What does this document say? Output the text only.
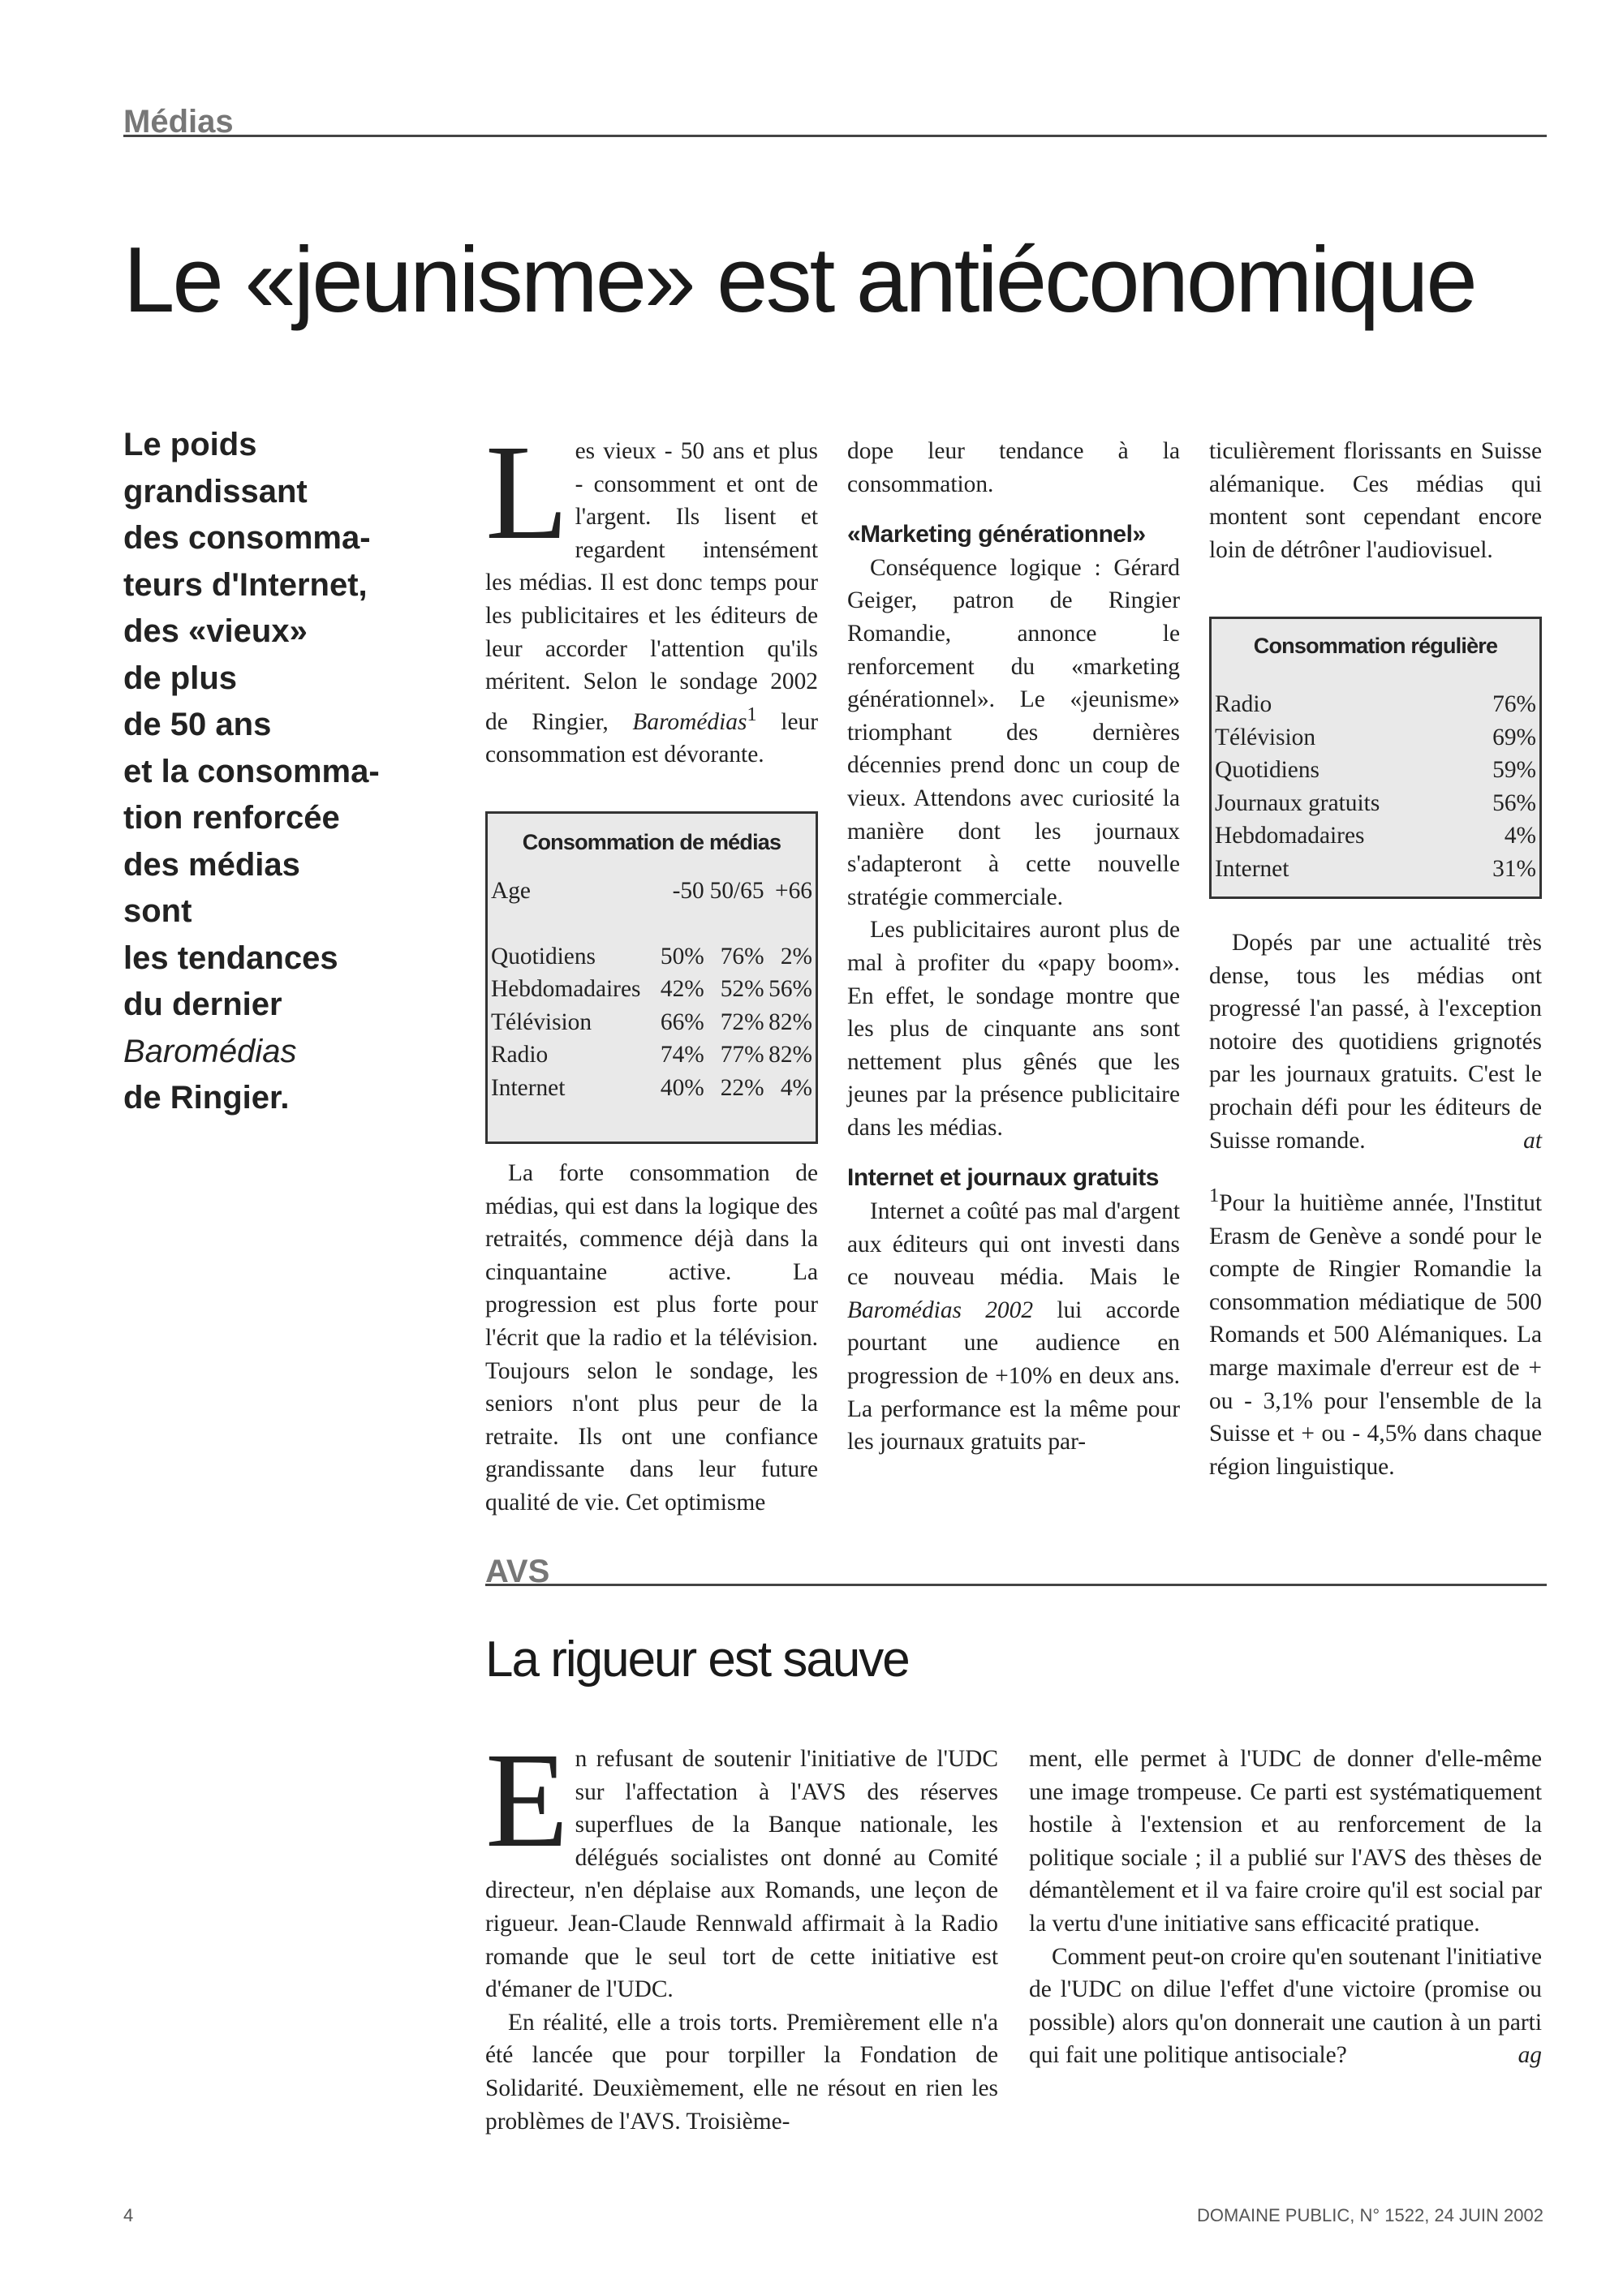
Médias
Le «jeunisme» est antiéconomique
Le poids
grandissant
des consomma-
teurs d'Internet,
des «vieux»
de plus
de 50 ans
et la consomma-
tion renforcée
des médias
sont
les tendances
du dernier
Baromédias
de Ringier.

Les vieux - 50 ans et plus - consomment et ont de l'argent. Ils lisent et regardent intensément les médias. Il est donc temps pour les publicitaires et les éditeurs de leur accorder l'attention qu'ils méritent. Selon le sondage 2002 de Ringier, Baromédias$^1$ leur consommation est dévorante.

Consommation de médias
Age	-50	50/65	+66

Quotidiens	50%	76%	2%
Hebdomadaires	42%	52%	56%
Télévision	66%	72%	82%
Radio	74%	77%	82%
Internet	40%	22%	4%

La forte consommation de médias, qui est dans la logique des retraités, commence déjà dans la cinquantaine active. La progression est plus forte pour l'écrit que la radio et la télévision. Toujours selon le sondage, les seniors n'ont plus peur de la retraite. Ils ont une confiance grandissante dans leur future qualité de vie. Cet optimisme

dope leur tendance à la consommation.

«Marketing générationnel»

Conséquence logique : Gérard Geiger, patron de Ringier Romandie, annonce le renforcement du «marketing générationnel». Le «jeunisme» triomphant des dernières décennies prend donc un coup de vieux. Attendons avec curiosité la manière dont les journaux s'adapteront à cette nouvelle stratégie commerciale.

Les publicitaires auront plus de mal à profiter du «papy boom». En effet, le sondage montre que les plus de cinquante ans sont nettement plus gênés que les jeunes par la présence publicitaire dans les médias.

Internet et journaux gratuits

Internet a coûté pas mal d'argent aux éditeurs qui ont investi dans ce nouveau média. Mais le Baromédias 2002 lui accorde pourtant une audience en progression de +10% en deux ans. La performance est la même pour les journaux gratuits par-

ticulièrement florissants en Suisse alémanique. Ces médias qui montent sont cependant encore loin de détrôner l'audiovisuel.

Consommation régulière
Radio	76%
Télévision	69%
Quotidiens	59%
Journaux gratuits	56%
Hebdomadaires	4%
Internet	31%

Dopés par une actualité très dense, tous les médias ont progressé l'an passé, à l'exception notoire des quotidiens grignotés par les journaux gratuits. C'est le prochain défi pour les éditeurs de Suisse romande.	at

$^1$Pour la huitième année, l'Institut Erasm de Genève a sondé pour le compte de Ringier Romandie la consommation médiatique de 500 Romands et 500 Alémaniques. La marge maximale d'erreur est de + ou - 3,1% pour l'ensemble de la Suisse et + ou - 4,5% dans chaque région linguistique.

AVS
La rigueur est sauve

En refusant de soutenir l'initiative de l'UDC sur l'affectation à l'AVS des réserves superflues de la Banque nationale, les délégués socialistes ont donné au Comité directeur, n'en déplaise aux Romands, une leçon de rigueur. Jean-Claude Rennwald affirmait à la Radio romande que le seul tort de cette initiative est d'émaner de l'UDC.

En réalité, elle a trois torts. Premièrement elle n'a été lancée que pour torpiller la Fondation de Solidarité. Deuxièmement, elle ne résout en rien les problèmes de l'AVS. Troisième-

ment, elle permet à l'UDC de donner d'elle-même une image trompeuse. Ce parti est systématiquement hostile à l'extension et au renforcement de la politique sociale ; il a publié sur l'AVS des thèses de démantèlement et il va faire croire qu'il est social par la vertu d'une initiative sans efficacité pratique.

Comment peut-on croire qu'en soutenant l'initiative de l'UDC on dilue l'effet d'une victoire (promise ou possible) alors qu'on donnerait une caution à un parti qui fait une politique antisociale?	ag

4	DOMAINE PUBLIC, N° 1522, 24 JUIN 2002
